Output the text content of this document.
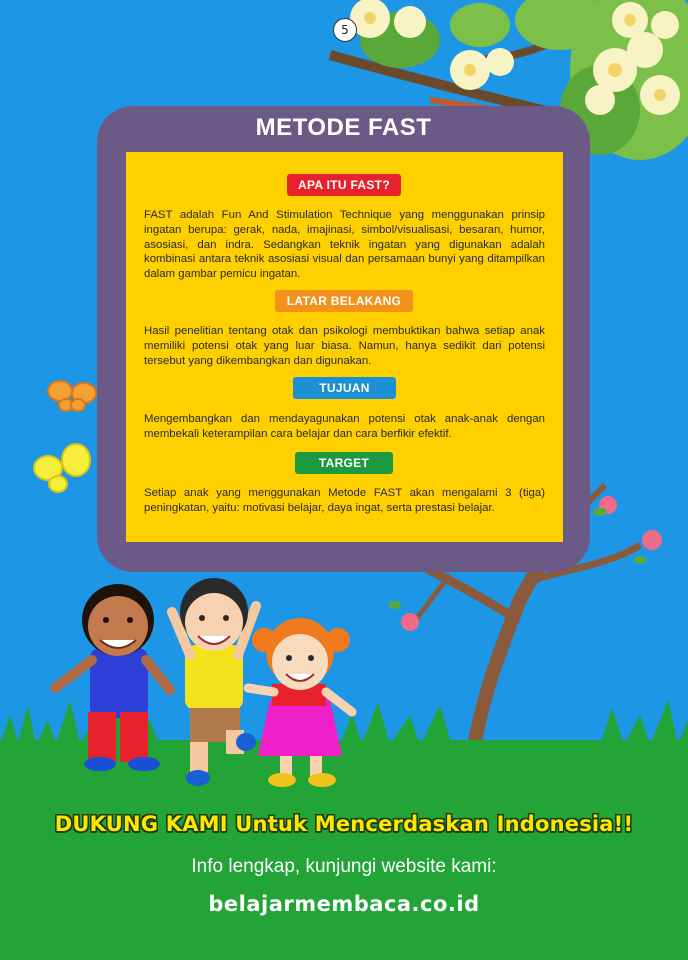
5
METODE FAST
APA ITU FAST?
FAST adalah Fun And Stimulation Technique yang menggunakan prinsip ingatan berupa: gerak, nada, imajinasi, simbol/visualisasi, besaran, humor, asosiasi, dan indra. Sedangkan teknik ingatan yang digunakan adalah kombinasi antara teknik asosiasi visual dan persamaan bunyi yang ditampilkan dalam gambar pemicu ingatan.
LATAR BELAKANG
Hasil penelitian tentang otak dan psikologi membuktikan bahwa setiap anak memiliki potensi otak yang luar biasa. Namun, hanya sedikit dari potensi tersebut yang dikembangkan dan digunakan.
TUJUAN
Mengembangkan dan mendayagunakan potensi otak anak-anak dengan membekali keterampilan cara belajar dan cara berfikir efektif.
TARGET
Setiap anak yang menggunakan Metode FAST akan mengalami 3 (tiga) peningkatan, yaitu: motivasi belajar, daya ingat, serta prestasi belajar.
DUKUNG KAMI Untuk Mencerdaskan Indonesia!!
Info lengkap, kunjungi website kami:
belajarmembaca.co.id
